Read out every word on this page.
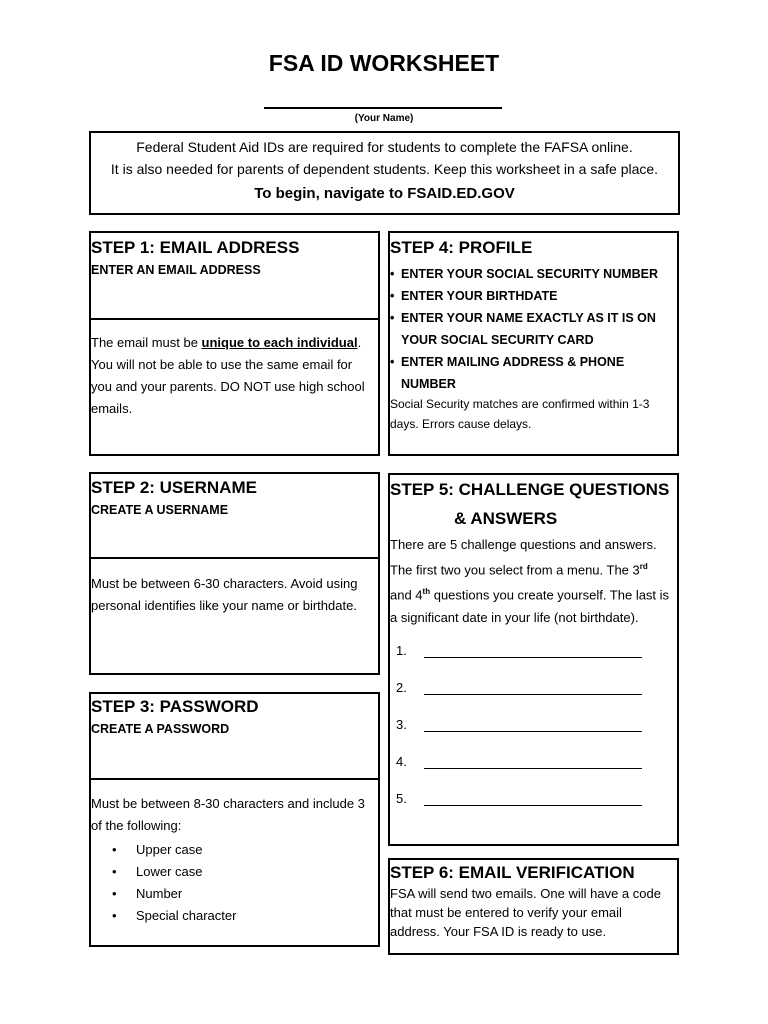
FSA ID WORKSHEET
(Your Name)
Federal Student Aid IDs are required for students to complete the FAFSA online.
It is also needed for parents of dependent students. Keep this worksheet in a safe place.
To begin, navigate to FSAID.ED.GOV
STEP 1: EMAIL ADDRESS
ENTER AN EMAIL ADDRESS
The email must be unique to each individual. You will not be able to use the same email for you and your parents. DO NOT use high school emails.
STEP 2: USERNAME
CREATE A USERNAME
Must be between 6-30 characters. Avoid using personal identifies like your name or birthdate.
STEP 3: PASSWORD
CREATE A PASSWORD
Must be between 8-30 characters and include 3 of the following:
• Upper case
• Lower case
• Number
• Special character
STEP 4: PROFILE
• ENTER YOUR SOCIAL SECURITY NUMBER
• ENTER YOUR BIRTHDATE
• ENTER YOUR NAME EXACTLY AS IT IS ON YOUR SOCIAL SECURITY CARD
• ENTER MAILING ADDRESS & PHONE NUMBER
Social Security matches are confirmed within 1-3 days. Errors cause delays.
STEP 5: CHALLENGE QUESTIONS
& ANSWERS
There are 5 challenge questions and answers. The first two you select from a menu. The 3rd and 4th questions you create yourself. The last is a significant date in your life (not birthdate).
1.
2.
3.
4.
5.
STEP 6: EMAIL VERIFICATION
FSA will send two emails. One will have a code that must be entered to verify your email address. Your FSA ID is ready to use.
